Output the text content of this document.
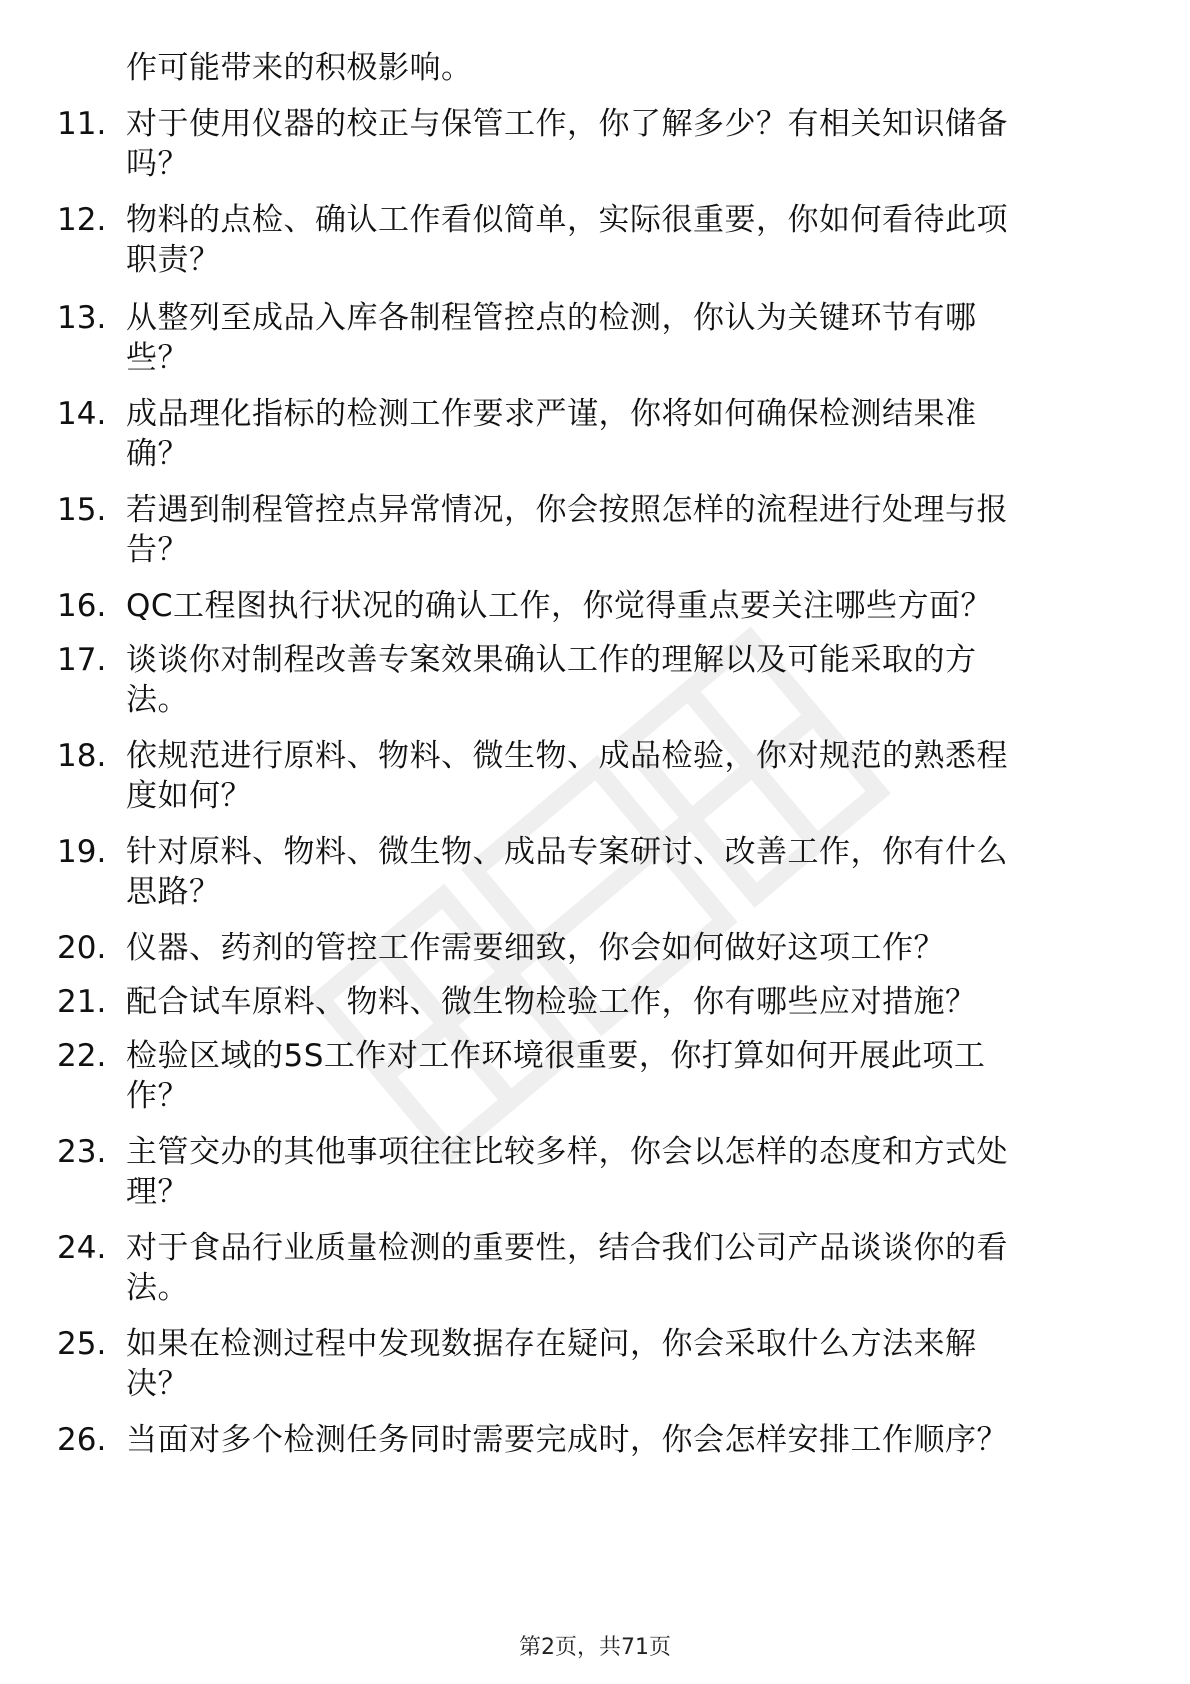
作可能带来的积极影响。
11. 对于使用仪器的校正与保管工作，你了解多少？有相关知识储备
吗？
12. 物料的点检、确认工作看似简单，实际很重要，你如何看待此项
职责？
13. 从整列至成品入库各制程管控点的检测，你认为关键环节有哪
些？
14. 成品理化指标的检测工作要求严谨，你将如何确保检测结果准
确？
15. 若遇到制程管控点异常情况，你会按照怎样的流程进行处理与报
告？
16. QC工程图执行状况的确认工作，你觉得重点要关注哪些方面？
17. 谈谈你对制程改善专案效果确认工作的理解以及可能采取的方
法。
18. 依规范进行原料、物料、微生物、成品检验，你对规范的熟悉程
度如何？
19. 针对原料、物料、微生物、成品专案研讨、改善工作，你有什么
思路？
20. 仪器、药剂的管控工作需要细致，你会如何做好这项工作？
21. 配合试车原料、物料、微生物检验工作，你有哪些应对措施？
22. 检验区域的5S工作对工作环境很重要，你打算如何开展此项工
作？
23. 主管交办的其他事项往往比较多样，你会以怎样的态度和方式处
理？
24. 对于食品行业质量检测的重要性，结合我们公司产品谈谈你的看
法。
25. 如果在检测过程中发现数据存在疑问，你会采取什么方法来解
决？
26. 当面对多个检测任务同时需要完成时，你会怎样安排工作顺序？
第2页，共71页
